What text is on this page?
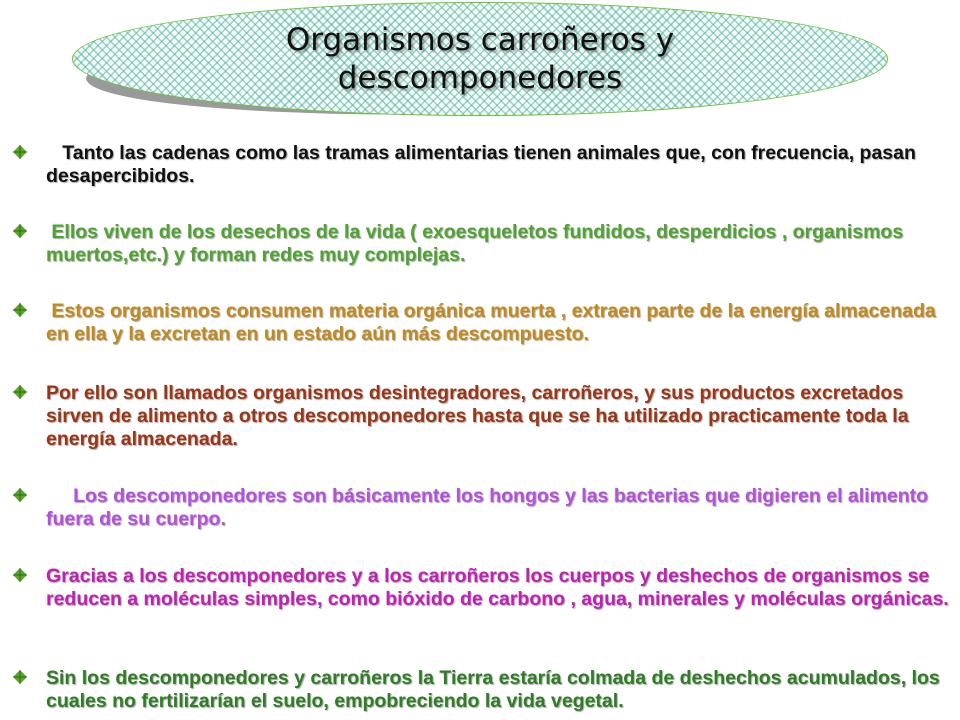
Organismos carroñeros y descomponedores
Tanto las cadenas como las tramas alimentarias tienen animales que, con frecuencia, pasan desapercibidos.
Ellos viven de los desechos de la vida ( exoesqueletos fundidos, desperdicios , organismos muertos,etc.) y forman redes muy complejas.
Estos organismos consumen materia orgánica muerta , extraen parte de la energía almacenada en ella y la excretan en un estado aún más descompuesto.
Por ello son llamados organismos desintegradores, carroñeros, y sus productos excretados sirven de alimento a otros descomponedores hasta que se ha utilizado practicamente toda la energía almacenada.
Los descomponedores son básicamente los hongos y las bacterias que digieren el alimento fuera de su cuerpo.
Gracias a los descomponedores y a los carroñeros los cuerpos y deshechos de organismos se reducen a moléculas simples, como bióxido de carbono , agua, minerales y moléculas orgánicas.
Sin los descomponedores y carroñeros la Tierra estaría colmada de deshechos acumulados, los cuales no fertilizarían el suelo, empobreciendo la vida vegetal.
